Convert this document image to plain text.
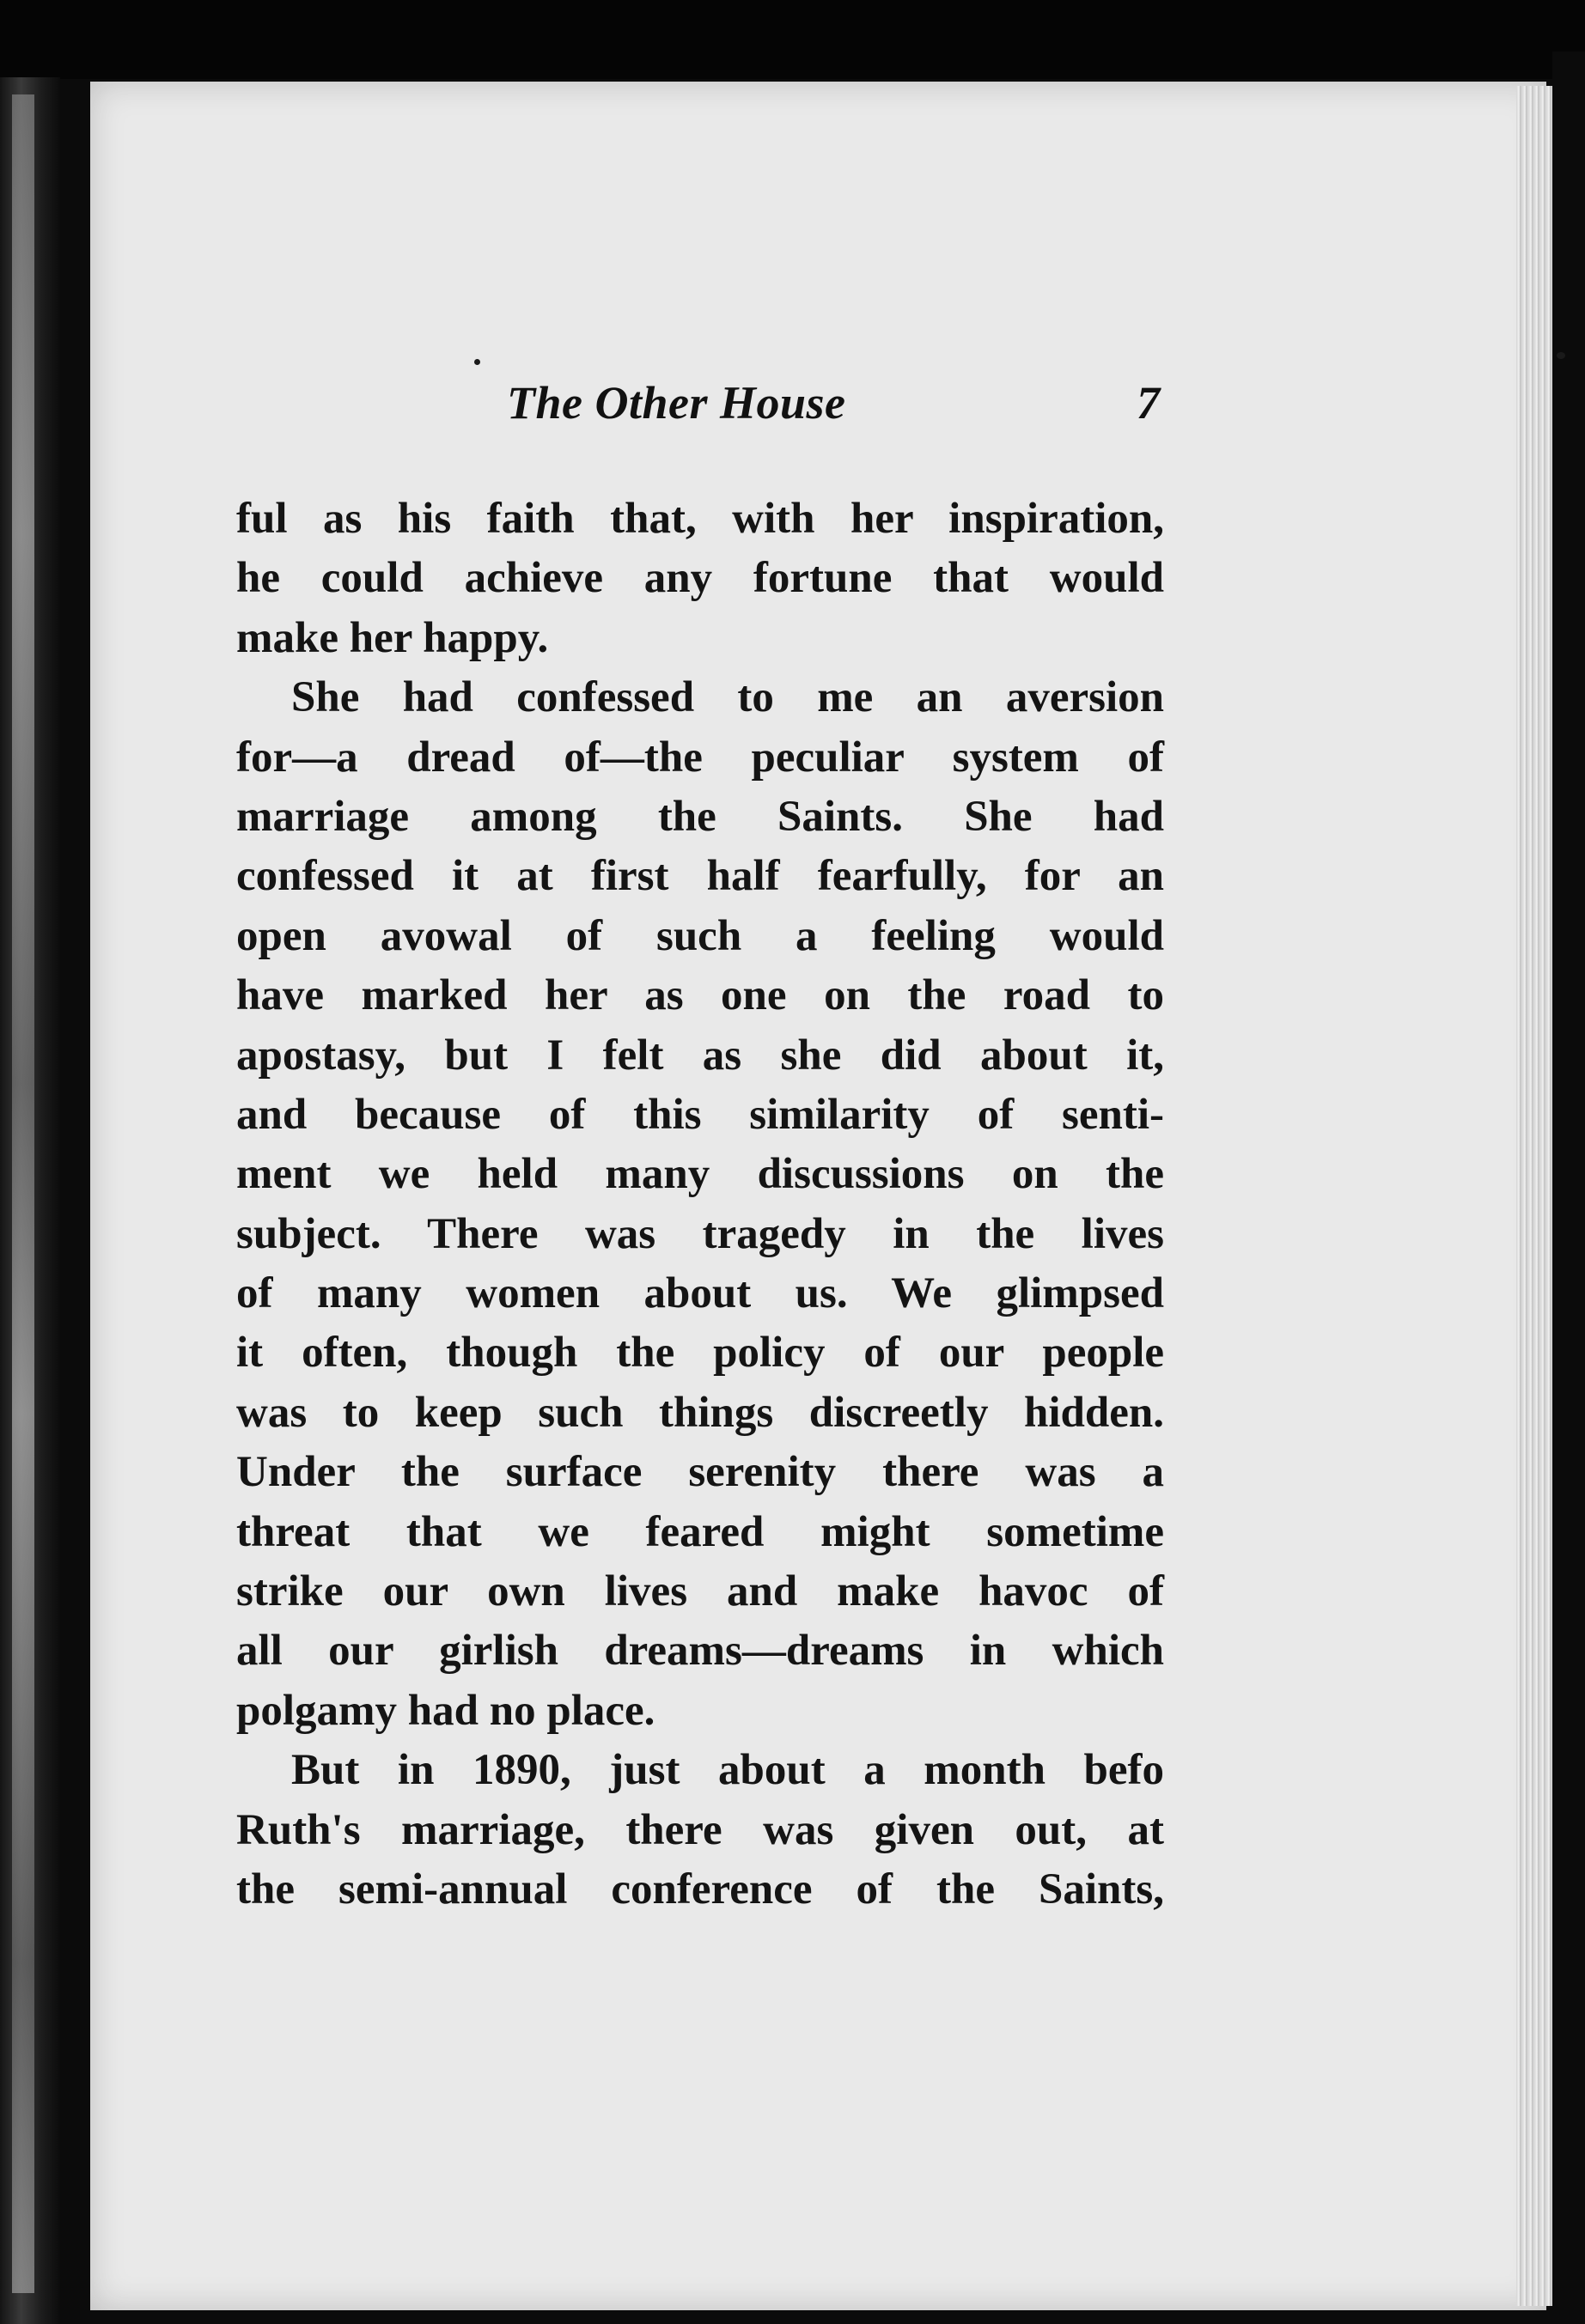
The Other House	7
ful as his faith that, with her inspiration,
he could achieve any fortune that would
make her happy.
She had confessed to me an aversion
for—a dread of—the peculiar system of
marriage among the Saints. She had
confessed it at first half fearfully, for an
open avowal of such a feeling would
have marked her as one on the road to
apostasy, but I felt as she did about it,
and because of this similarity of senti-
ment we held many discussions on the
subject. There was tragedy in the lives
of many women about us. We glimpsed
it often, though the policy of our people
was to keep such things discreetly hidden.
Under the surface serenity there was a
threat that we feared might sometime
strike our own lives and make havoc of
all our girlish dreams—dreams in which
polgamy had no place.
But in 1890, just about a month befo
Ruth's marriage, there was given out, at
the semi-annual conference of the Saints,
